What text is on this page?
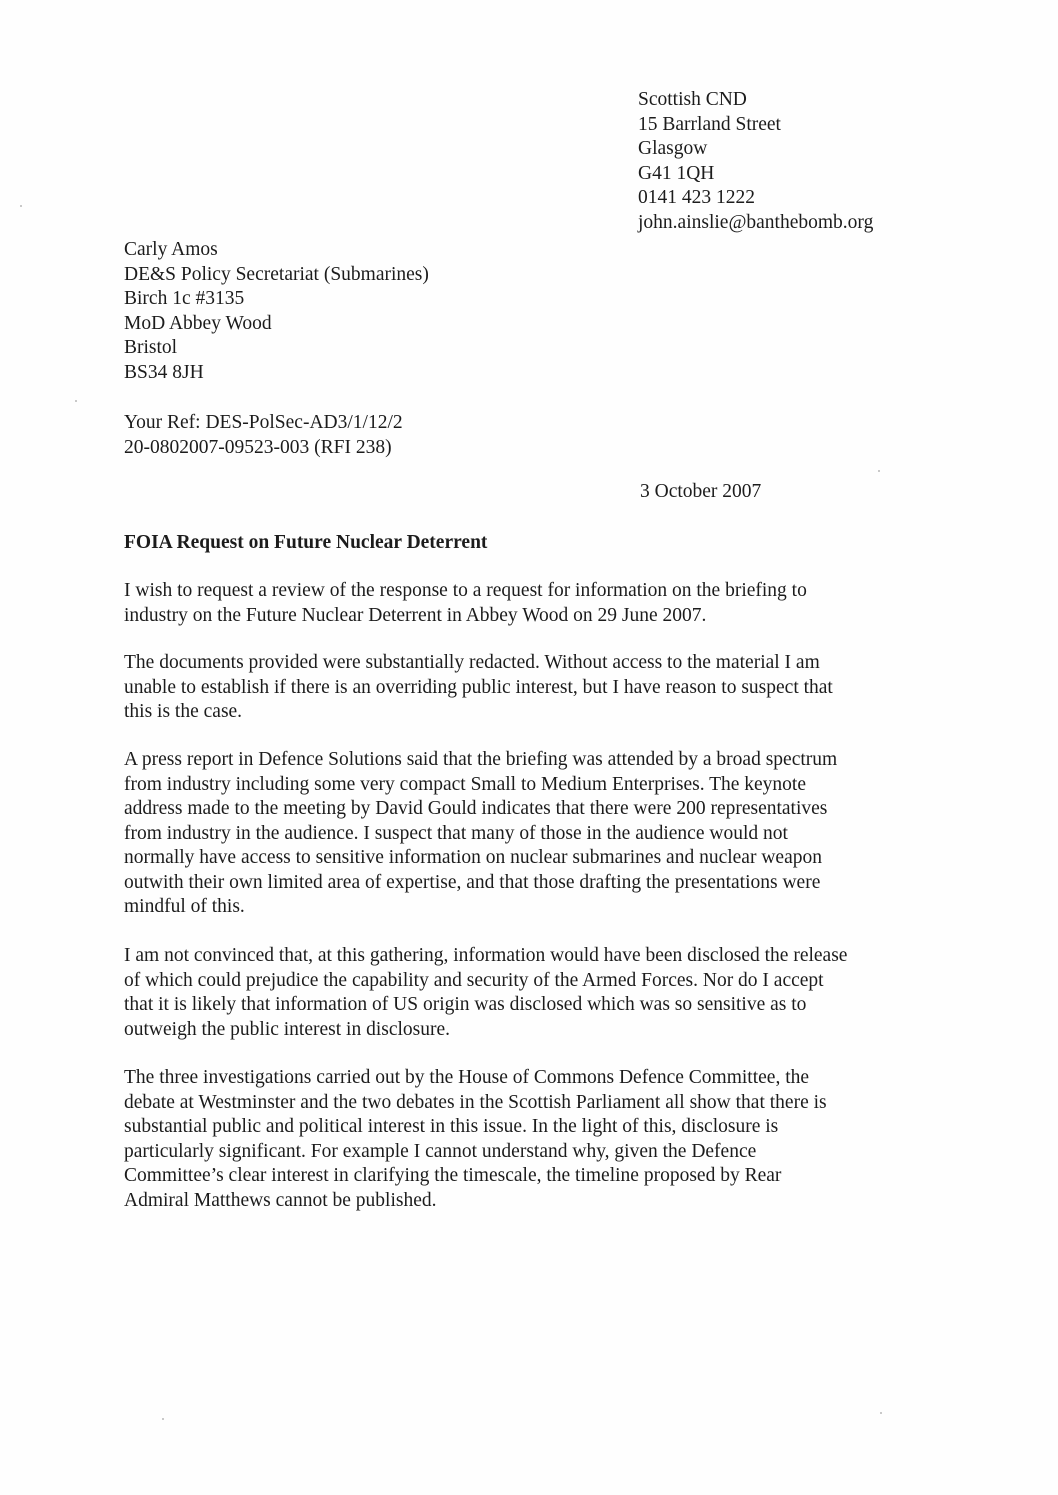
Scottish CND
15 Barrland Street
Glasgow
G41 1QH
0141 423 1222
john.ainslie@banthebomb.org
Carly Amos
DE&S Policy Secretariat (Submarines)
Birch 1c #3135
MoD Abbey Wood
Bristol
BS34 8JH
Your Ref: DES-PolSec-AD3/1/12/2
20-0802007-09523-003 (RFI 238)
3 October 2007
FOIA Request on Future Nuclear Deterrent
I wish to request a review of the response to a request for information on the briefing to
industry on the Future Nuclear Deterrent in Abbey Wood on 29 June 2007.
The documents provided were substantially redacted. Without access to the material I am
unable to establish if there is an overriding public interest, but I have reason to suspect that
this is the case.
A press report in Defence Solutions said that the briefing was attended by a broad spectrum
from industry including some very compact Small to Medium Enterprises. The keynote
address made to the meeting by David Gould indicates that there were 200 representatives
from industry in the audience. I suspect that many of those in the audience would not
normally have access to sensitive information on nuclear submarines and nuclear weapon
outwith their own limited area of expertise, and that those drafting the presentations were
mindful of this.
I am not convinced that, at this gathering, information would have been disclosed the release
of which could prejudice the capability and security of the Armed Forces. Nor do I accept
that it is likely that information of US origin was disclosed which was so sensitive as to
outweigh the public interest in disclosure.
The three investigations carried out by the House of Commons Defence Committee, the
debate at Westminster and the two debates in the Scottish Parliament all show that there is
substantial public and political interest in this issue. In the light of this, disclosure is
particularly significant. For example I cannot understand why, given the Defence
Committee’s clear interest in clarifying the timescale, the timeline proposed by Rear
Admiral Matthews cannot be published.
